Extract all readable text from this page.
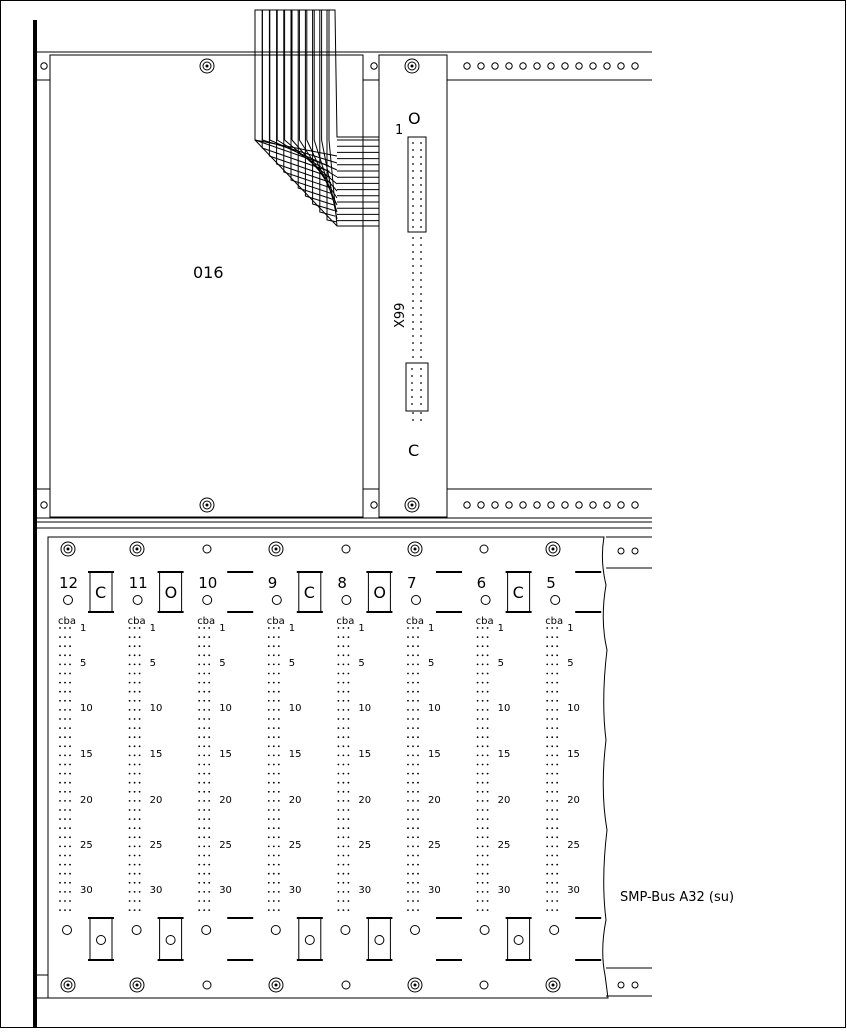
016
1
X99
O
C
12 C
cba
1
5
10
15
20
25
30
11 O
cba
1
5
10
15
20
25
30
10
cba
1
5
10
15
20
25
30
9 C
cba
1
5
10
15
20
25
30
8 O
cba
1
5
10
15
20
25
30
7
cba
1
5
10
15
20
25
30
6 C
cba
1
5
10
15
20
25
30
5
cba
1
5
10
15
20
25
30	SMP-Bus A32 (su)
